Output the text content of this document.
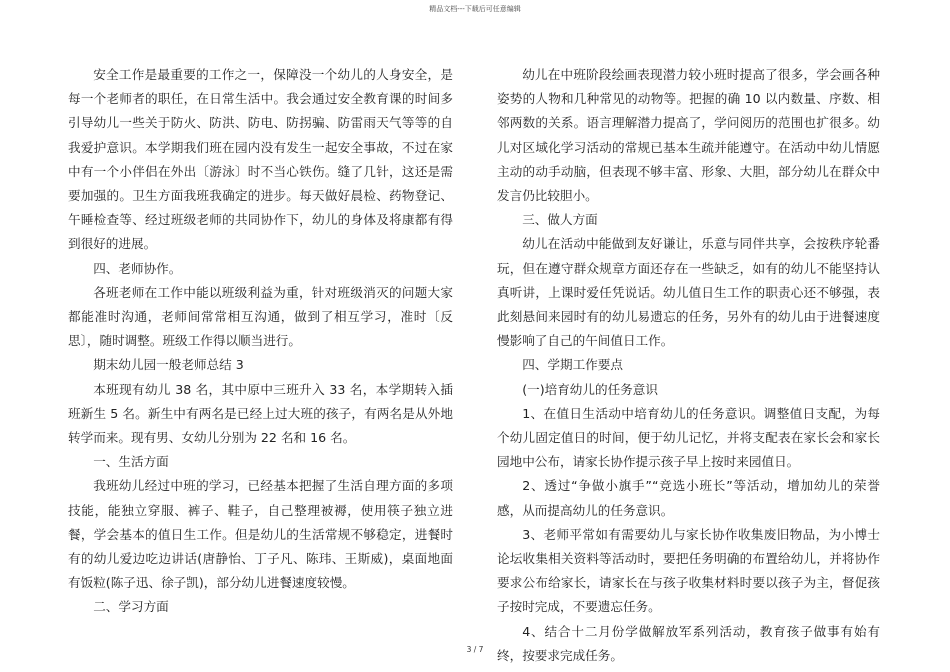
精品文档---下载后可任意编辑

安全工作是最重要的工作之一，保障没一个幼儿的人身安全，是每一个老师者的职任，在日常生活中。我会通过安全教育课的时间多引导幼儿一些关于防火、防洪、防电、防拐骗、防雷雨天气等等的自我爱护意识。本学期我们班在园内没有发生一起安全事故，不过在家中有一个小伴侣在外出〔游泳〕时不当心铁伤。缝了几针，这还是需要加强的。卫生方面我班我确定的进步。每天做好晨检、药物登记、午睡检查等、经过班级老师的共同协作下，幼儿的身体及将康都有得到很好的进展。

四、老师协作。

各班老师在工作中能以班级利益为重，针对班级消灭的问题大家都能准时沟通，老师间常常相互沟通，做到了相互学习，准时〔反思〕，随时调整。班级工作得以顺当进行。

期末幼儿园一般老师总结 3

本班现有幼儿 38 名，其中原中三班升入 33 名，本学期转入插班新生 5 名。新生中有两名是已经上过大班的孩子，有两名是从外地转学而来。现有男、女幼儿分别为 22 名和 16 名。

一、生活方面

我班幼儿经过中班的学习，已经基本把握了生活自理方面的多项技能，能独立穿服、裤子、鞋子，自己整理被褥，使用筷子独立进餐，学会基本的值日生工作。但是幼儿的生活常规不够稳定，进餐时有的幼儿爱边吃边讲话(唐静怡、丁子凡、陈玮、王斯威)，桌面地面有饭粒(陈子迅、徐子凯)，部分幼儿进餐速度较慢。

二、学习方面

幼儿在中班阶段绘画表现潜力较小班时提高了很多，学会画各种姿势的人物和几种常见的动物等。把握的确 10 以内数量、序数、相邻两数的关系。语言理解潜力提高了，学问阅历的范围也扩很多。幼儿对区域化学习活动的常规已基本生疏并能遵守。在活动中幼儿情愿主动的动手动脑，但表现不够丰富、形象、大胆，部分幼儿在群众中发言仍比较胆小。

三、做人方面

幼儿在活动中能做到友好谦让，乐意与同伴共享，会按秩序轮番玩，但在遵守群众规章方面还存在一些缺乏，如有的幼儿不能坚持认真听讲，上课时爱任凭说话。幼儿值日生工作的职责心还不够强，表此刻悬间来园时有的幼儿易遗忘的任务，另外有的幼儿由于进餐速度慢影响了自己的午间值日工作。

四、学期工作要点

(一)培育幼儿的任务意识

1、在值日生活动中培育幼儿的任务意识。调整值日支配，为每个幼儿固定值日的时间，便于幼儿记忆，并将支配表在家长会和家长园地中公布，请家长协作提示孩子早上按时来园值日。

2、透过“争做小旗手”“竞选小班长”等活动，增加幼儿的荣誉感，从而提高幼儿的任务意识。

3、老师平常如有需要幼儿与家长协作收集废旧物品，为小博士论坛收集相关资料等活动时，要把任务明确的布置给幼儿，并将协作要求公布给家长，请家长在与孩子收集材料时要以孩子为主，督促孩子按时完成，不要遗忘任务。

4、结合十二月份学做解放军系列活动，教育孩子做事有始有终，按要求完成任务。

3 / 7
